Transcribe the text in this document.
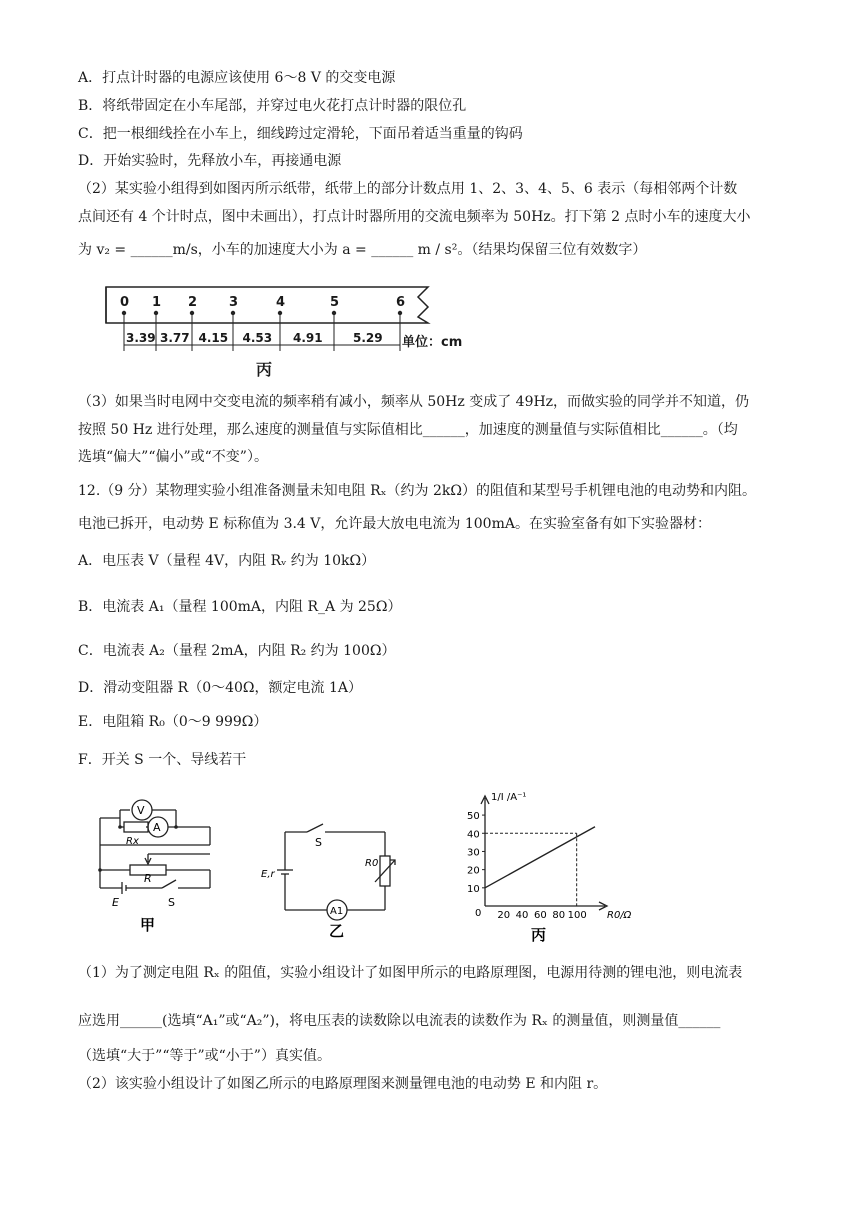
A．打点计时器的电源应该使用 6～8 V 的交变电源
B．将纸带固定在小车尾部，并穿过电火花打点计时器的限位孔
C．把一根细线拴在小车上，细线跨过定滑轮，下面吊着适当重量的钩码
D．开始实验时，先释放小车，再接通电源
（2）某实验小组得到如图丙所示纸带，纸带上的部分计数点用 1、2、3、4、5、6 表示（每相邻两个计数
点间还有 4 个计时点，图中未画出），打点计时器所用的交流电频率为 50Hz。打下第 2 点时小车的速度大小
为 v₂ = ______m/s，小车的加速度大小为 a = ______ m / s²。（结果均保留三位有效数字）
0 1 2 3	4	5	6
3.39 3.77 4.15 4.53 4.91	5.29 单位：cm
丙
（3）如果当时电网中交变电流的频率稍有减小，频率从 50Hz 变成了 49Hz，而做实验的同学并不知道，仍
按照 50 Hz 进行处理，那么速度的测量值与实际值相比______，加速度的测量值与实际值相比______。（均
选填“偏大”“偏小”或“不变”）。
12.（9 分）某物理实验小组准备测量未知电阻 Rₓ（约为 2kΩ）的阻值和某型号手机锂电池的电动势和内阻。
电池已拆开，电动势 E 标称值为 3.4 V，允许最大放电电流为 100mA。在实验室备有如下实验器材：
A．电压表 V（量程 4V，内阻 Rᵥ 约为 10kΩ）
B．电流表 A₁（量程 100mA，内阻 R_A 为 25Ω）
C．电流表 A₂（量程 2mA，内阻 R₂ 约为 100Ω）
D．滑动变阻器 R（0～40Ω，额定电流 1A）
E．电阻箱 R₀（0～9 999Ω）
F．开关 S 一个、导线若干
V
A
Rx
R
E	S
甲
S
E,r
R0
A1
乙
1/I /A⁻¹
R0/Ω
0
50
40
30
20
10
20 40 60 80 100
丙
（1）为了测定电阻 Rₓ 的阻值，实验小组设计了如图甲所示的电路原理图，电源用待测的锂电池，则电流表
应选用______(选填“A₁”或“A₂”)，将电压表的读数除以电流表的读数作为 Rₓ 的测量值，则测量值______
（选填“大于”“等于”或“小于”）真实值。
（2）该实验小组设计了如图乙所示的电路原理图来测量锂电池的电动势 E 和内阻 r。
